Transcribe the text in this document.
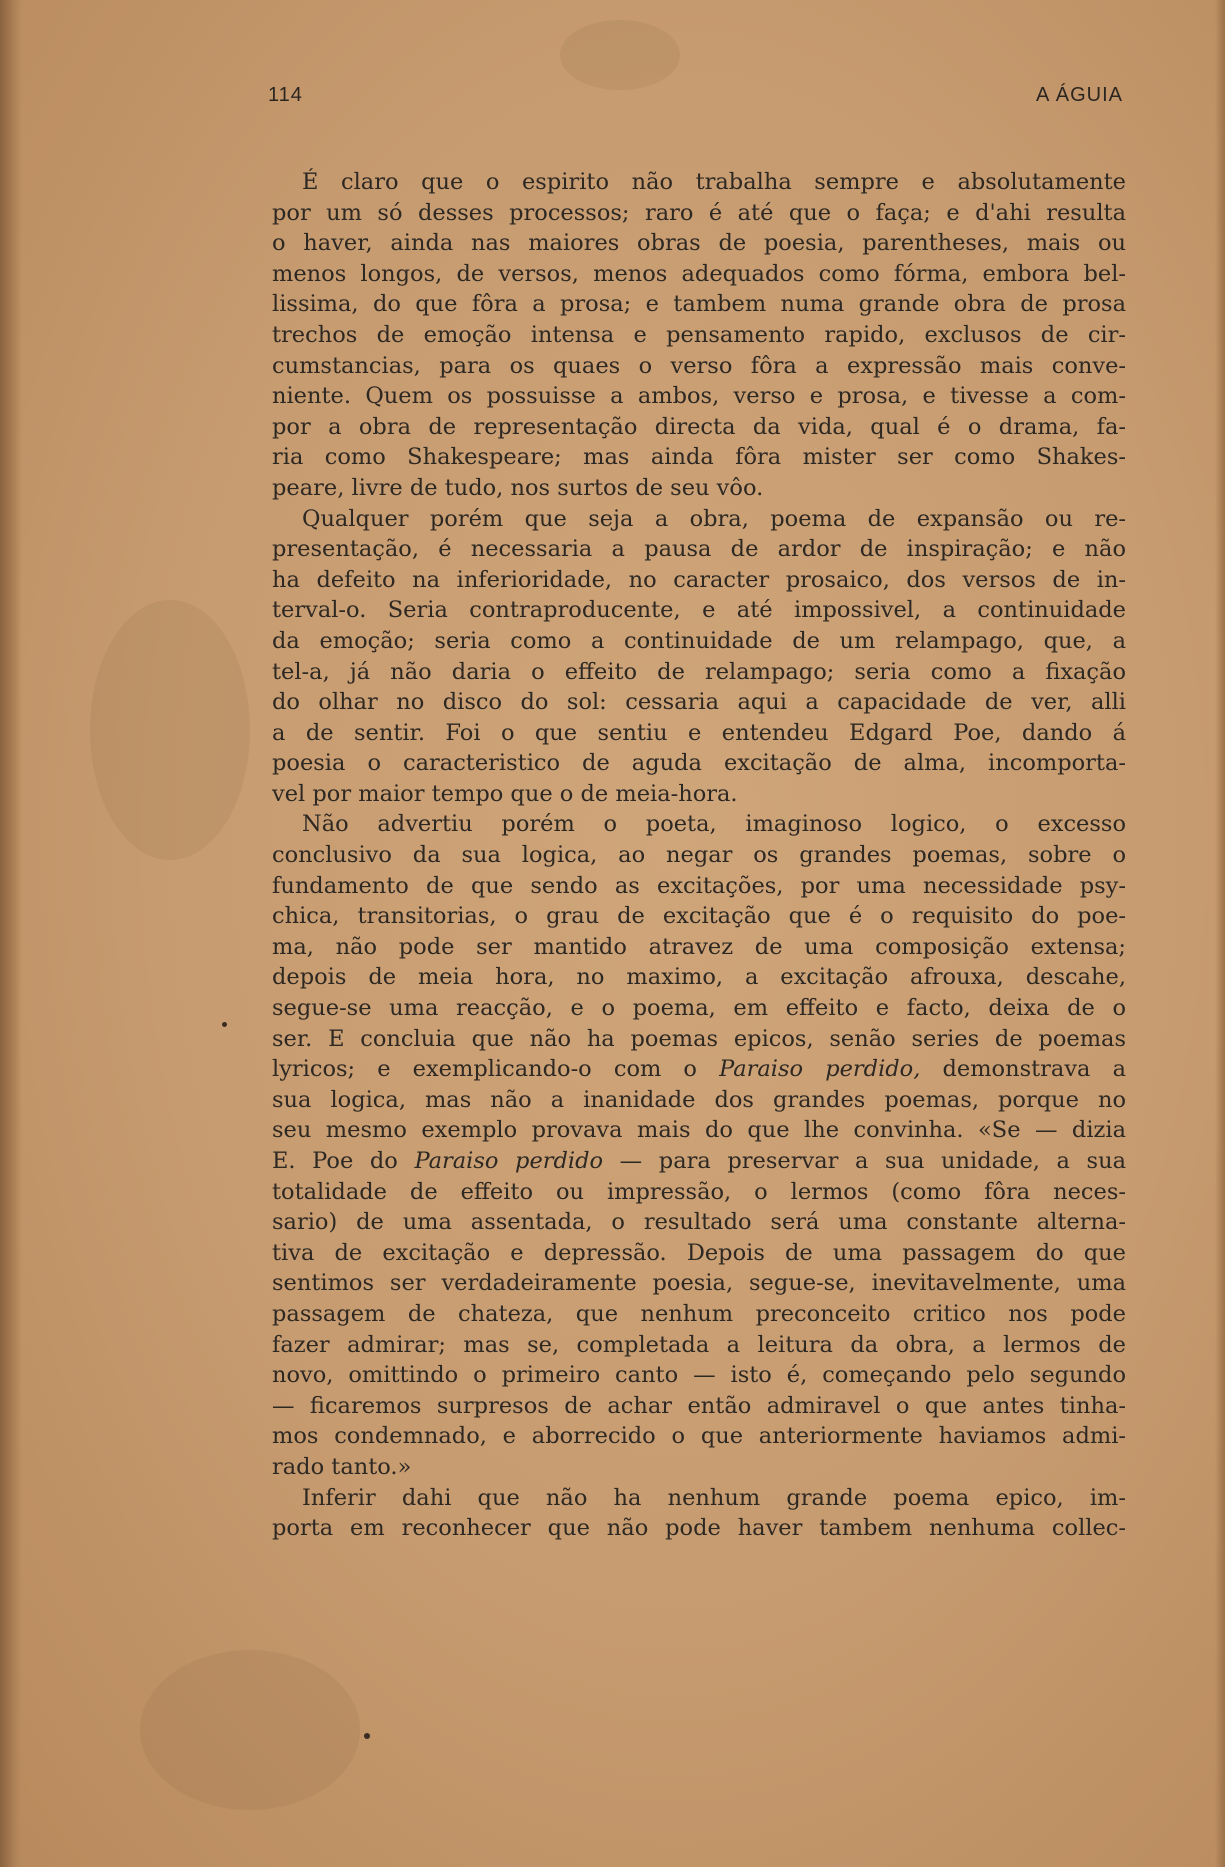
114	A ÁGUIA
É claro que o espirito não trabalha sempre e absolutamente
por um só desses processos; raro é até que o faça; e d'ahi resulta
o haver, ainda nas maiores obras de poesia, parentheses, mais ou
menos longos, de versos, menos adequados como fórma, embora bel-
lissima, do que fôra a prosa; e tambem numa grande obra de prosa
trechos de emoção intensa e pensamento rapido, exclusos de cir-
cumstancias, para os quaes o verso fôra a expressão mais conve-
niente. Quem os possuisse a ambos, verso e prosa, e tivesse a com-
por a obra de representação directa da vida, qual é o drama, fa-
ria como Shakespeare; mas ainda fôra mister ser como Shakes-
peare, livre de tudo, nos surtos de seu vôo.
Qualquer porém que seja a obra, poema de expansão ou re-
presentação, é necessaria a pausa de ardor de inspiração; e não
ha defeito na inferioridade, no caracter prosaico, dos versos de in-
terval-o. Seria contraproducente, e até impossivel, a continuidade
da emoção; seria como a continuidade de um relampago, que, a
tel-a, já não daria o effeito de relampago; seria como a fixação
do olhar no disco do sol: cessaria aqui a capacidade de ver, alli
a de sentir. Foi o que sentiu e entendeu Edgard Poe, dando á
poesia o caracteristico de aguda excitação de alma, incomporta-
vel por maior tempo que o de meia-hora.
Não advertiu porém o poeta, imaginoso logico, o excesso
conclusivo da sua logica, ao negar os grandes poemas, sobre o
fundamento de que sendo as excitações, por uma necessidade psy-
chica, transitorias, o grau de excitação que é o requisito do poe-
ma, não pode ser mantido atravez de uma composição extensa;
depois de meia hora, no maximo, a excitação afrouxa, descahe,
segue-se uma reacção, e o poema, em effeito e facto, deixa de o
ser. E concluia que não ha poemas epicos, senão series de poemas
lyricos; e exemplicando-o com o Paraiso perdido, demonstrava a
sua logica, mas não a inanidade dos grandes poemas, porque no
seu mesmo exemplo provava mais do que lhe convinha. «Se — dizia
E. Poe do Paraiso perdido — para preservar a sua unidade, a sua
totalidade de effeito ou impressão, o lermos (como fôra neces-
sario) de uma assentada, o resultado será uma constante alterna-
tiva de excitação e depressão. Depois de uma passagem do que
sentimos ser verdadeiramente poesia, segue-se, inevitavelmente, uma
passagem de chateza, que nenhum preconceito critico nos pode
fazer admirar; mas se, completada a leitura da obra, a lermos de
novo, omittindo o primeiro canto — isto é, começando pelo segundo
— ficaremos surpresos de achar então admiravel o que antes tinha-
mos condemnado, e aborrecido o que anteriormente haviamos admi-
rado tanto.»
Inferir dahi que não ha nenhum grande poema epico, im-
porta em reconhecer que não pode haver tambem nenhuma collec-
